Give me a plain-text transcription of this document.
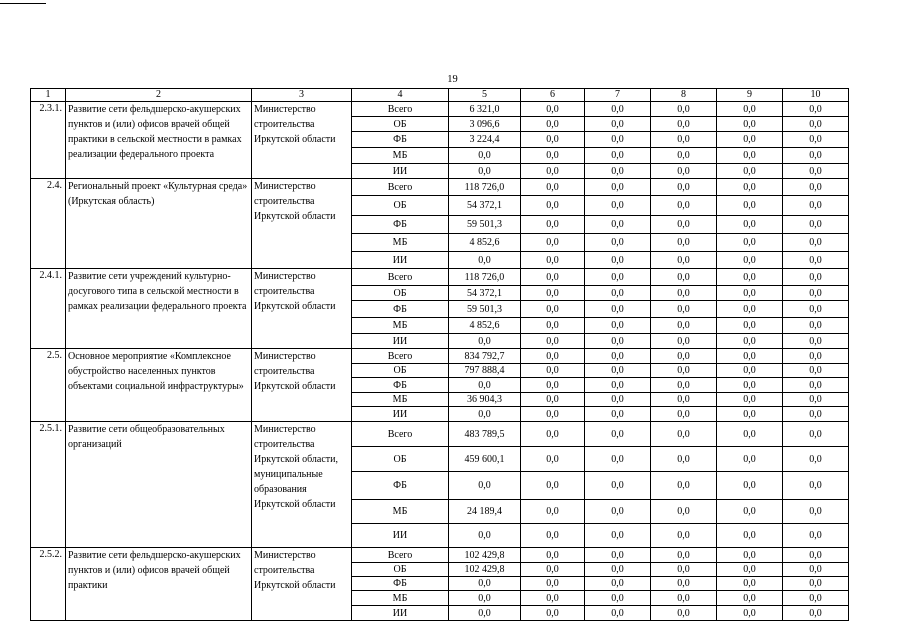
19
1	2	3	4	5	6	7	8	9	10
2.3.1.	Развитие сети фельдшерско-акушерских пунктов и (или) офисов врачей общей практики в сельской местности в рамках реализации федерального проекта	Министерство строительства Иркутской области	Всего	6 321,0	0,0	0,0	0,0	0,0	0,0
			ОБ	3 096,6	0,0	0,0	0,0	0,0	0,0
			ФБ	3 224,4	0,0	0,0	0,0	0,0	0,0
			МБ	0,0	0,0	0,0	0,0	0,0	0,0
			ИИ	0,0	0,0	0,0	0,0	0,0	0,0
2.4.	Региональный проект «Культурная среда» (Иркутская область)	Министерство строительства Иркутской области	Всего	118 726,0	0,0	0,0	0,0	0,0	0,0
			ОБ	54 372,1	0,0	0,0	0,0	0,0	0,0
			ФБ	59 501,3	0,0	0,0	0,0	0,0	0,0
			МБ	4 852,6	0,0	0,0	0,0	0,0	0,0
			ИИ	0,0	0,0	0,0	0,0	0,0	0,0
2.4.1.	Развитие сети учреждений культурно-досугового типа в сельской местности в рамках реализации федерального проекта	Министерство строительства Иркутской области	Всего	118 726,0	0,0	0,0	0,0	0,0	0,0
			ОБ	54 372,1	0,0	0,0	0,0	0,0	0,0
			ФБ	59 501,3	0,0	0,0	0,0	0,0	0,0
			МБ	4 852,6	0,0	0,0	0,0	0,0	0,0
			ИИ	0,0	0,0	0,0	0,0	0,0	0,0
2.5.	Основное мероприятие «Комплексное обустройство населенных пунктов объектами социальной инфраструктуры»	Министерство строительства Иркутской области	Всего	834 792,7	0,0	0,0	0,0	0,0	0,0
			ОБ	797 888,4	0,0	0,0	0,0	0,0	0,0
			ФБ	0,0	0,0	0,0	0,0	0,0	0,0
			МБ	36 904,3	0,0	0,0	0,0	0,0	0,0
			ИИ	0,0	0,0	0,0	0,0	0,0	0,0
2.5.1.	Развитие сети общеобразовательных организаций	Министерство строительства Иркутской области, муниципальные образования Иркутской области	Всего	483 789,5	0,0	0,0	0,0	0,0	0,0
			ОБ	459 600,1	0,0	0,0	0,0	0,0	0,0
			ФБ	0,0	0,0	0,0	0,0	0,0	0,0
			МБ	24 189,4	0,0	0,0	0,0	0,0	0,0
			ИИ	0,0	0,0	0,0	0,0	0,0	0,0
2.5.2.	Развитие сети фельдшерско-акушерских пунктов и (или) офисов врачей общей практики	Министерство строительства Иркутской области	Всего	102 429,8	0,0	0,0	0,0	0,0	0,0
			ОБ	102 429,8	0,0	0,0	0,0	0,0	0,0
			ФБ	0,0	0,0	0,0	0,0	0,0	0,0
			МБ	0,0	0,0	0,0	0,0	0,0	0,0
			ИИ	0,0	0,0	0,0	0,0	0,0	0,0
